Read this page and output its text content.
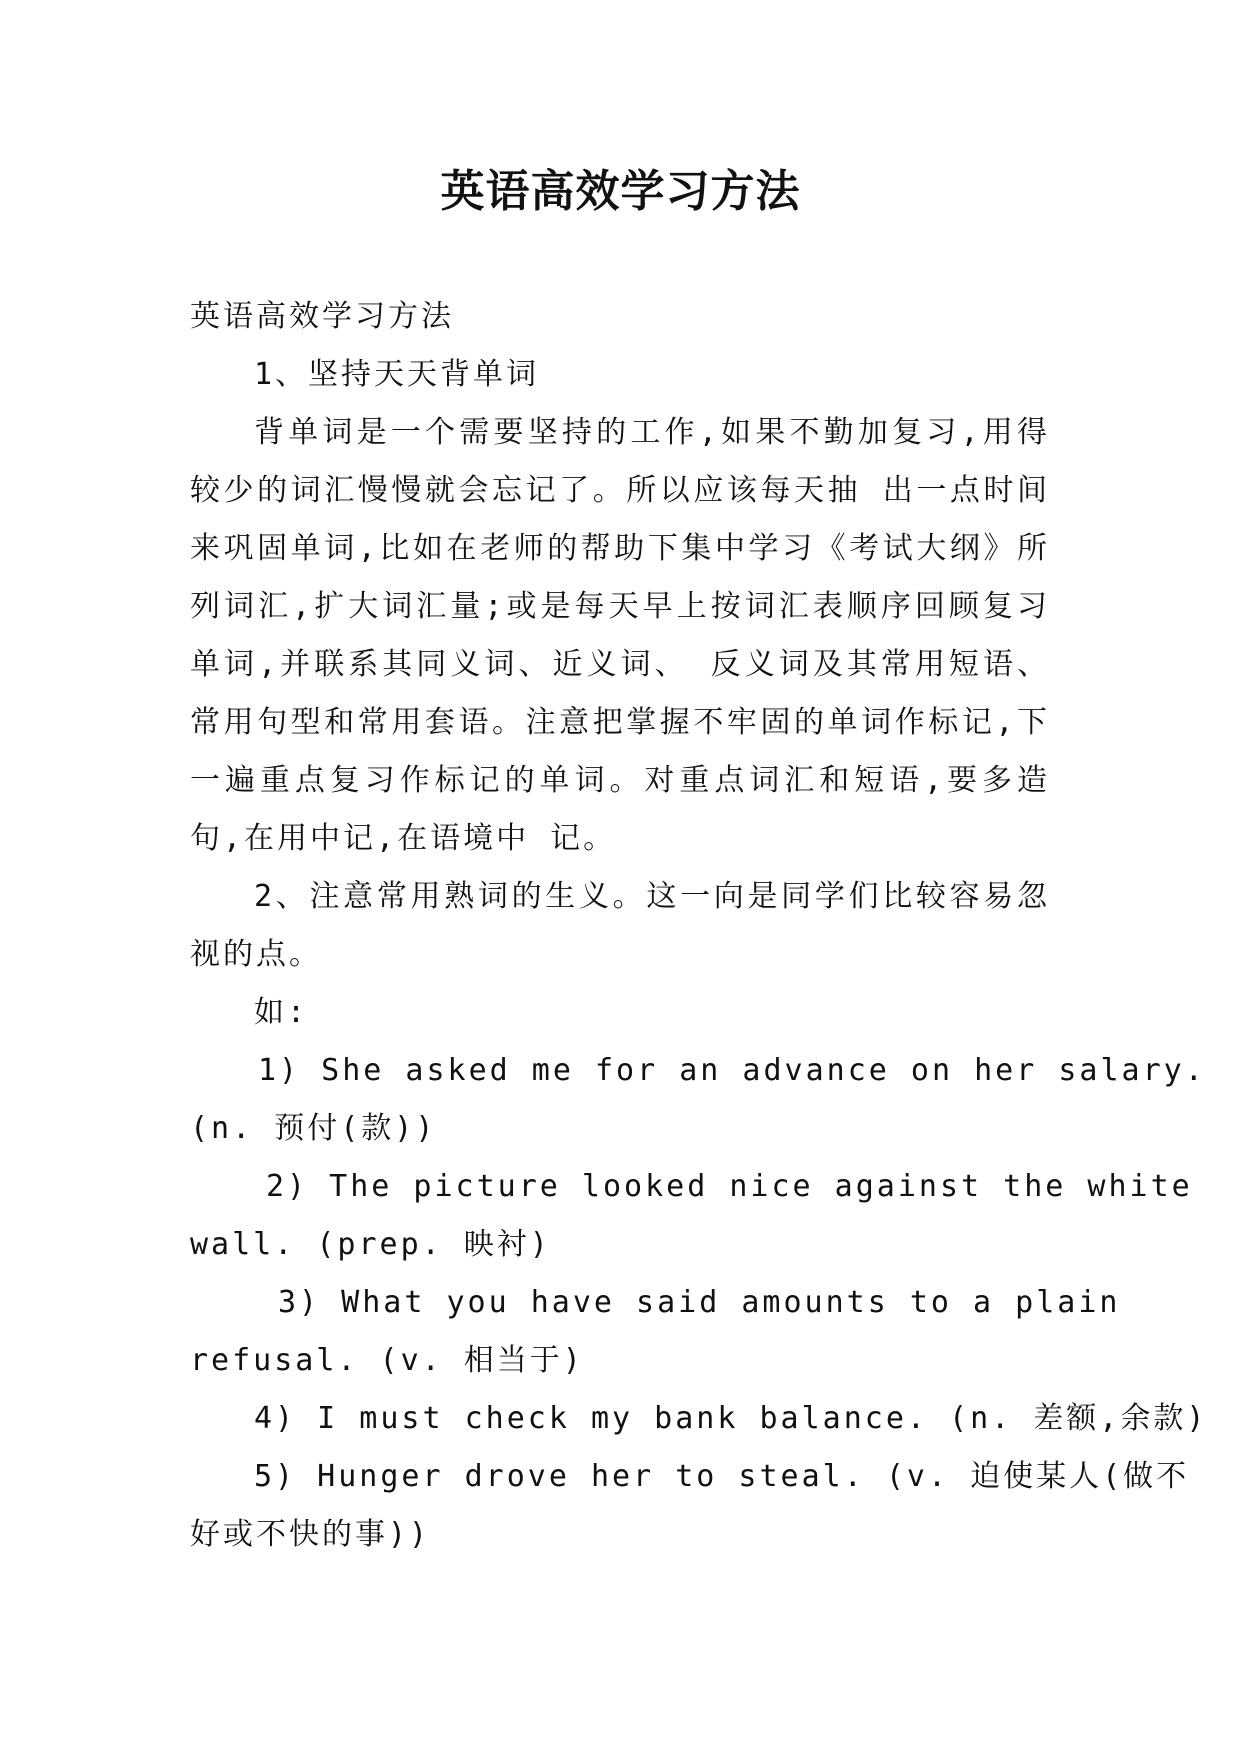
英语高效学习方法

英语高效学习方法

1、坚持天天背单词

背单词是一个需要坚持的工作,如果不勤加复习,用得较少的词汇慢慢就会忘记了。所以应该每天抽 出一点时间来巩固单词,比如在老师的帮助下集中学习《考试大纲》所列词汇,扩大词汇量;或是每天早上按词汇表顺序回顾复习单词,并联系其同义词、近义词、 反义词及其常用短语、常用句型和常用套语。注意把掌握不牢固的单词作标记,下一遍重点复习作标记的单词。对重点词汇和短语,要多造句,在用中记,在语境中 记。

2、注意常用熟词的生义。这一向是同学们比较容易忽视的点。

如:

1) She asked me for an advance on her salary.
(n. 预付(款))
2) The picture looked nice against the white
wall. (prep. 映衬)
3) What you have said amounts to a plain
refusal. (v. 相当于)
4) I must check my bank balance. (n. 差额,余款)
5) Hunger drove her to steal. (v. 迫使某人(做不
好或不快的事))
